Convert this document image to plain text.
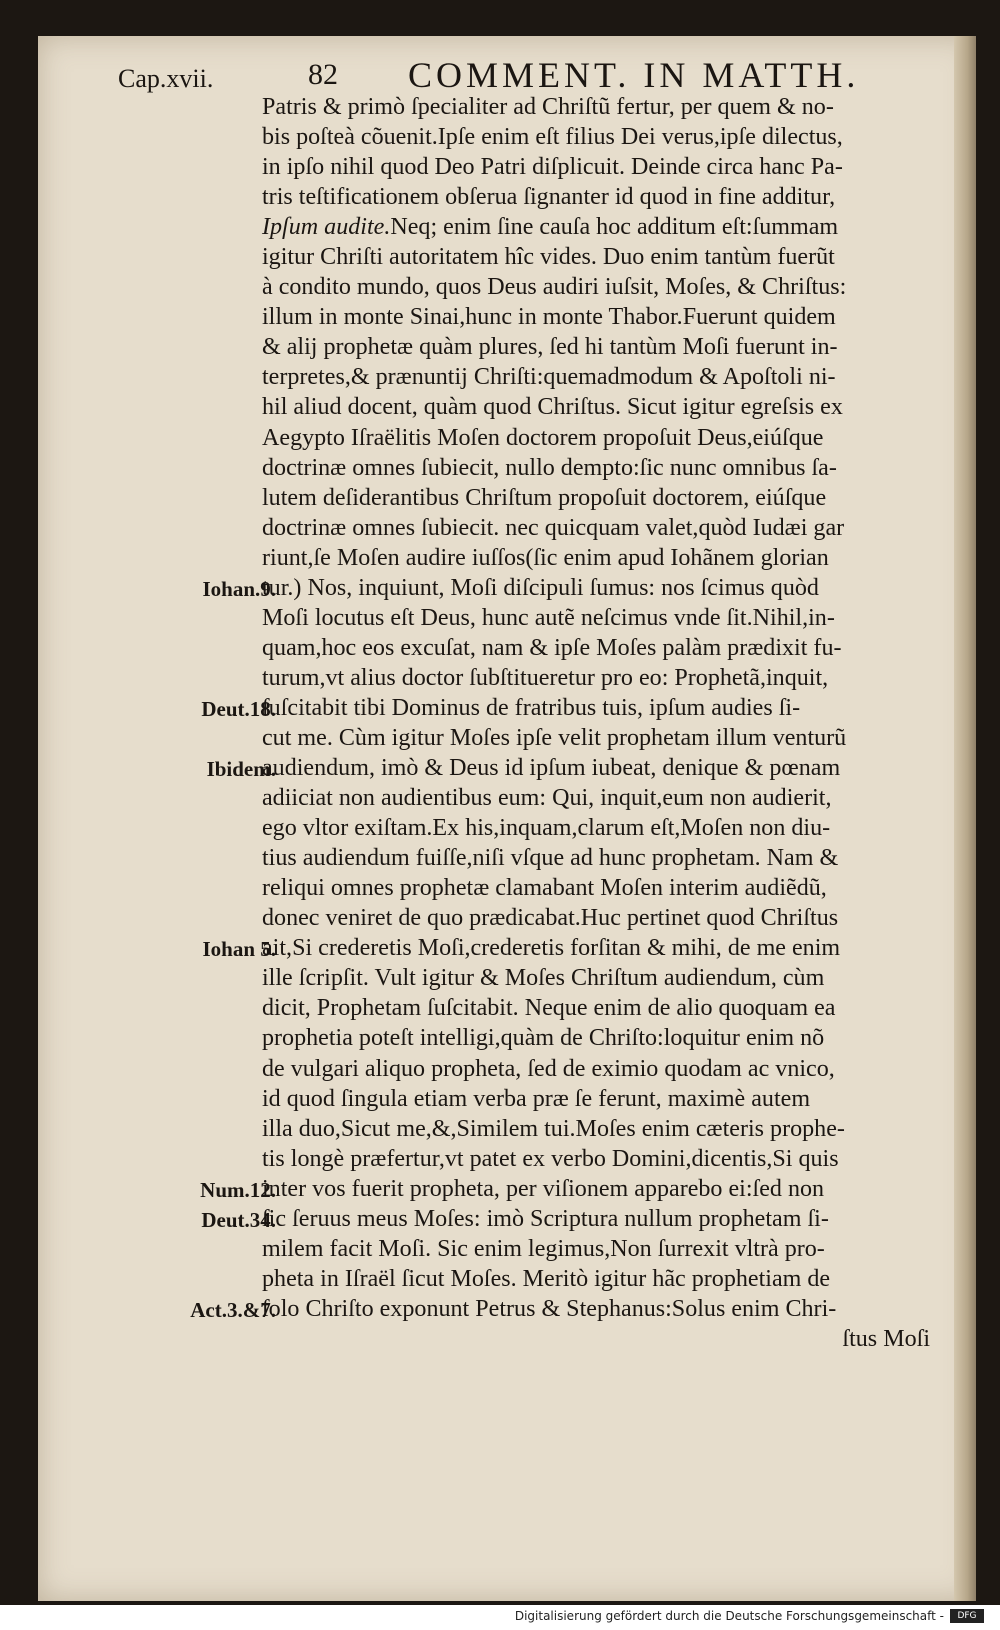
Cap.xvii.	82 COMMENT. IN MATTH.
Patris & primò ſpecialiter ad Chriſtũ fertur, per quem & no-
bis poſteà cõuenit.Ipſe enim eſt filius Dei verus,ipſe dilectus,
in ipſo nihil quod Deo Patri diſplicuit. Deinde circa hanc Pa-
tris teſtificationem obſerua ſignanter id quod in fine additur,
Ipſum audite.Neq; enim ſine cauſa hoc additum eſt:ſummam
igitur Chriſti autoritatem hîc vides. Duo enim tantùm fuerũt
à condito mundo, quos Deus audiri iuſsit, Moſes, & Chriſtus:
illum in monte Sinai,hunc in monte Thabor.Fuerunt quidem
& alij prophetæ quàm plures, ſed hi tantùm Moſi fuerunt in-
terpretes,& prænuntij Chriſti:quemadmodum & Apoſtoli ni-
hil aliud docent, quàm quod Chriſtus. Sicut igitur egreſsis ex
Aegypto Iſraëlitis Moſen doctorem propoſuit Deus,eiúſque
doctrinæ omnes ſubiecit, nullo dempto:ſic nunc omnibus ſa-
lutem deſiderantibus Chriſtum propoſuit doctorem, eiúſque
doctrinæ omnes ſubiecit. nec quicquam valet,quòd Iudæi gar
riunt,ſe Moſen audire iuſſos(ſic enim apud Iohãnem glorian
tur.) Nos, inquiunt, Moſi diſcipuli ſumus: nos ſcimus quòd
Moſi locutus eſt Deus, hunc autẽ neſcimus vnde ſit.Nihil,in-
quam,hoc eos excuſat, nam & ipſe Moſes palàm prædixit fu-
turum,vt alius doctor ſubſtitueretur pro eo: Prophetã,inquit,
ſuſcitabit tibi Dominus de fratribus tuis, ipſum audies ſi-
cut me. Cùm igitur Moſes ipſe velit prophetam illum venturũ
audiendum, imò & Deus id ipſum iubeat, denique & pœnam
adiiciat non audientibus eum: Qui, inquit,eum non audierit,
ego vltor exiſtam.Ex his,inquam,clarum eſt,Moſen non diu-
tius audiendum fuiſſe,niſi vſque ad hunc prophetam. Nam &
reliqui omnes prophetæ clamabant Moſen interim audiẽdũ,
donec veniret de quo prædicabat.Huc pertinet quod Chriſtus
ait,Si crederetis Moſi,crederetis forſitan & mihi, de me enim
ille ſcripſit. Vult igitur & Moſes Chriſtum audiendum, cùm
dicit, Prophetam ſuſcitabit. Neque enim de alio quoquam ea
prophetia poteſt intelligi,quàm de Chriſto:loquitur enim nõ
de vulgari aliquo propheta, ſed de eximio quodam ac vnico,
id quod ſingula etiam verba præ ſe ferunt, maximè autem
illa duo,Sicut me,&,Similem tui.Moſes enim cæteris prophe-
tis longè præfertur,vt patet ex verbo Domini,dicentis,Si quis
inter vos fuerit propheta, per viſionem apparebo ei:ſed non
ſic ſeruus meus Moſes: imò Scriptura nullum prophetam ſi-
milem facit Moſi. Sic enim legimus,Non ſurrexit vltrà pro-
pheta in Iſraël ſicut Moſes. Meritò igitur hãc prophetiam de
ſolo Chriſto exponunt Petrus & Stephanus:Solus enim Chri-
ſtus Moſi
Iohan.9.
Deut.18.
Ibidem.
Iohan 5.
Num.12.
Deut.34.
Act.3.&7.
Digitalisierung gefördert durch die Deutsche Forschungsgemeinschaft -	DFG
